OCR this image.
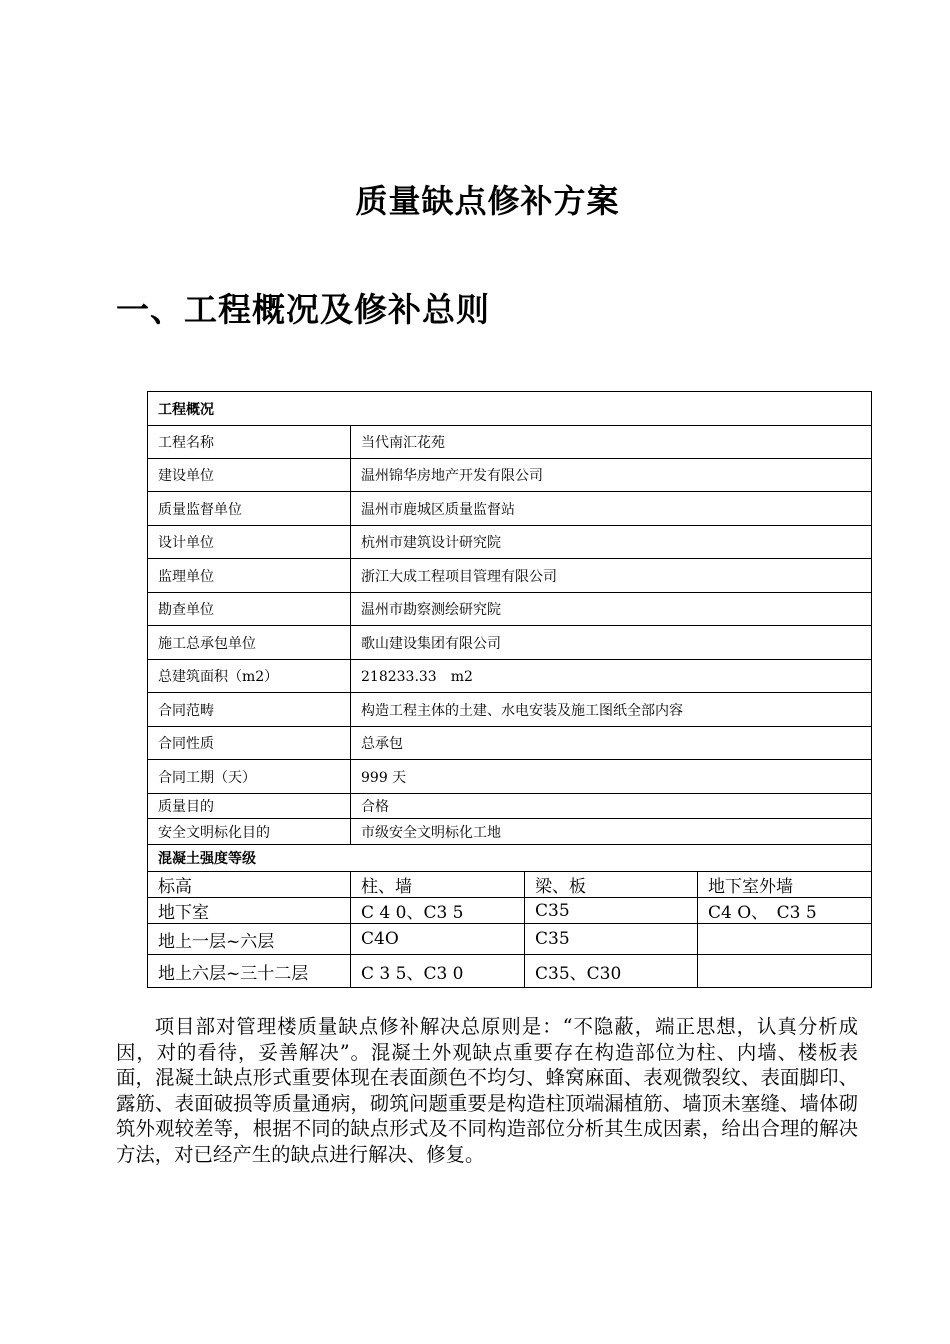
质量缺点修补方案
一、工程概况及修补总则
工程概况			
工程名称	当代南汇花苑		
建设单位	温州锦华房地产开发有限公司		
质量监督单位	温州市鹿城区质量监督站		
设计单位	杭州市建筑设计研究院		
监理单位	浙江大成工程项目管理有限公司		
勘查单位	温州市勘察测绘研究院		
施工总承包单位	歌山建设集团有限公司		
总建筑面积（m2）	218233.33　m2		
合同范畴	构造工程主体的土建、水电安装及施工图纸全部内容		
合同性质	总承包		
合同工期（天）	999 天		
质量目的	合格		
安全文明标化目的	市级安全文明标化工地		
混凝土强度等级			
标高	柱、墙	梁、板	地下室外墙
地下室	C 4 0、C3 5	C35	C4 O、　C3 5
地上一层~六层	C4O	C35	
地上六层~三十二层	C 3 5、C3 0	C35、C30	

项目部对管理楼质量缺点修补解决总原则是：“不隐蔽，端正思想，认真分析成因，对的看待，妥善解决”。混凝土外观缺点重要存在构造部位为柱、内墙、楼板表面，混凝土缺点形式重要体现在表面颜色不均匀、蜂窝麻面、表观微裂纹、表面脚印、露筋、表面破损等质量通病，砌筑问题重要是构造柱顶端漏植筋、墙顶未塞缝、墙体砌筑外观较差等，根据不同的缺点形式及不同构造部位分析其生成因素，给出合理的解决方法，对已经产生的缺点进行解决、修复。
